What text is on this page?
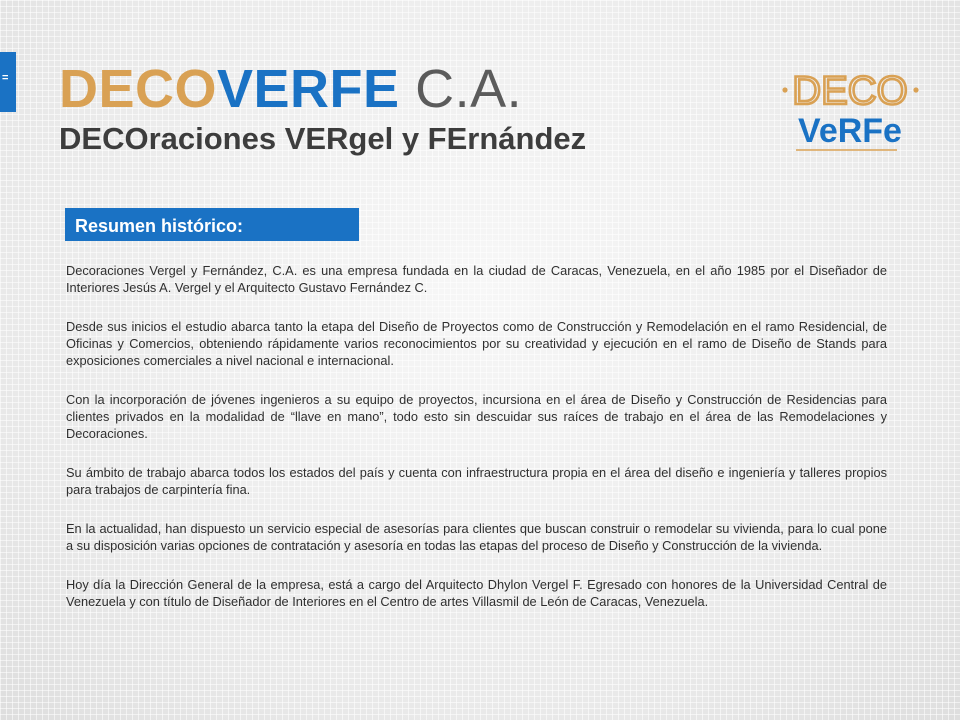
= DECOVERFE C.A.
DECOraciones VERgel y FErnández
DECO
VeRFe
Resumen histórico:

Decoraciones Vergel y Fernández, C.A. es una empresa fundada en la ciudad de Caracas, Venezuela, en el año 1985 por el Diseñador de Interiores Jesús A. Vergel y el Arquitecto Gustavo Fernández C.

Desde sus inicios el estudio abarca tanto la etapa del Diseño de Proyectos como de Construcción y Remodelación en el ramo Residencial, de Oficinas y Comercios, obteniendo rápidamente varios reconocimientos por su creatividad y ejecución en el ramo de Diseño de Stands para exposiciones comerciales a nivel nacional e internacional.

Con la incorporación de jóvenes ingenieros a su equipo de proyectos, incursiona en el área de Diseño y Construcción de Residencias para clientes privados en la modalidad de “llave en mano”, todo esto sin descuidar sus raíces de trabajo en el área de las Remodelaciones y Decoraciones.

Su ámbito de trabajo abarca todos los estados del país y cuenta con infraestructura propia en el área del diseño e ingeniería y talleres propios para trabajos de carpintería fina.

En la actualidad, han dispuesto un servicio especial de asesorías para clientes que buscan construir o remodelar su vivienda, para lo cual pone a su disposición varias opciones de contratación y asesoría en todas las etapas del proceso de Diseño y Construcción de la vivienda.

Hoy día la Dirección General de la empresa, está a cargo del Arquitecto Dhylon Vergel F. Egresado con honores de la Universidad Central de Venezuela y con título de Diseñador de Interiores en el Centro de artes Villasmil de León de Caracas, Venezuela.
